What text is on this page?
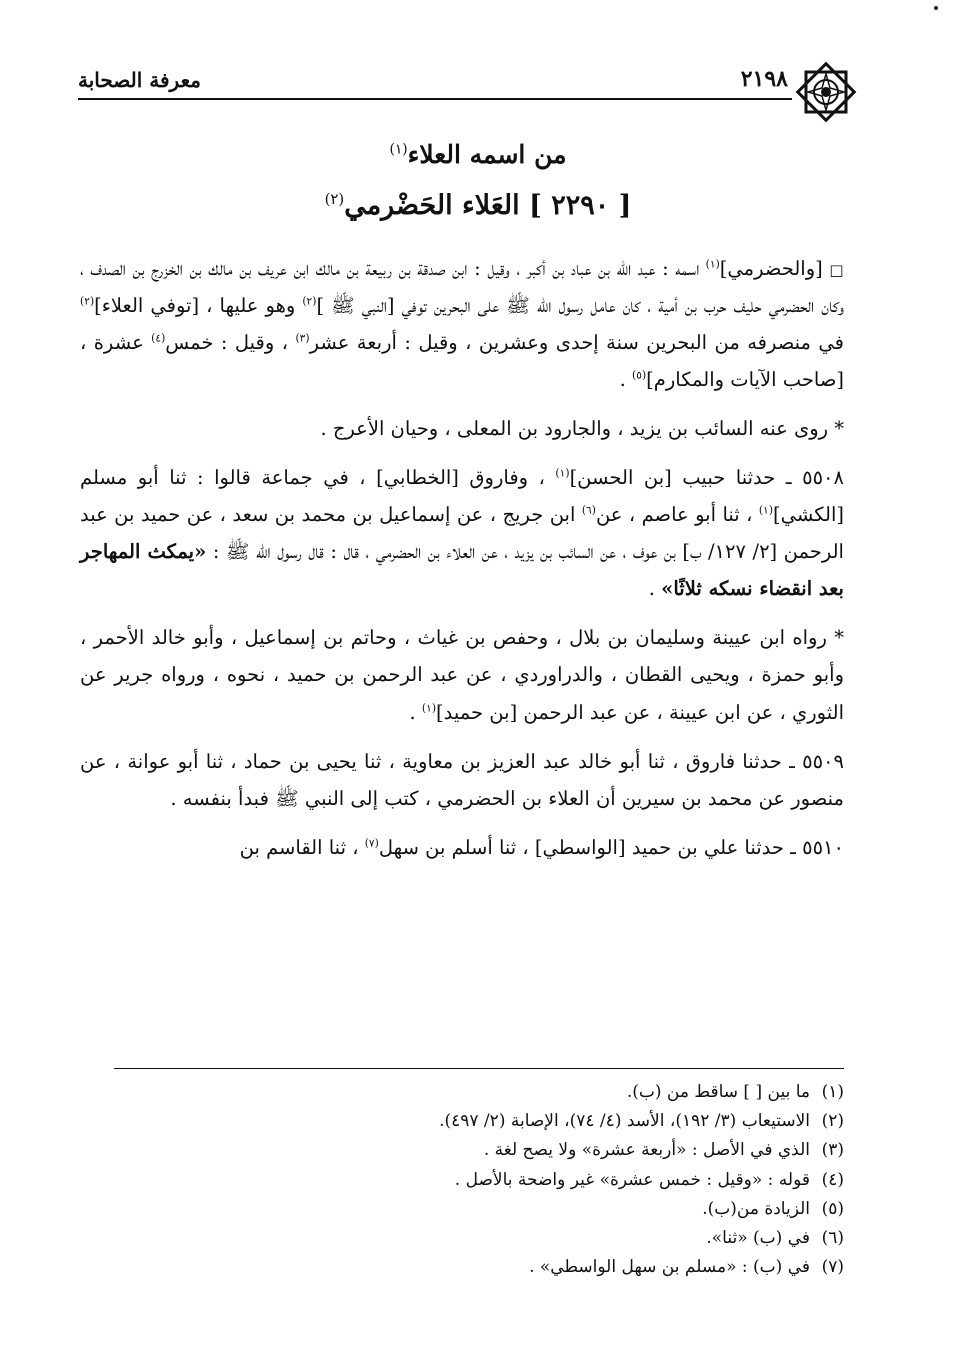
معرفة الصحابة	٢١٩٨
من اسمه العلاء$^{(١)}$
[ ٢٢٩٠ ] العَلاء الحَضْرمي$^{(٢)}$

□ [والحضرمي]$^{(١)}$ اسمه : عبد الله بن عباد بن أكبر ، وقيل : ابن صدقة بن ربيعة بن مالك ابن عريف بن مالك بن الخزرج بن الصدف ، وكان الحضرمي حليف حرب بن أمية ، كان عامل رسول الله ﷺ على البحرين توفي [النبي ﷺ ]$^{(٢)}$ وهو عليها ، [توفي العلاء]$^{(٢)}$ في منصرفه من البحرين سنة إحدى وعشرين ، وقيل : أربعة عشر$^{(٣)}$ ، وقيل : خمس$^{(٤)}$ عشرة ، [صاحب الآيات والمكارم]$^{(٥)}$ .

* روى عنه السائب بن يزيد ، والجارود بن المعلى ، وحيان الأعرج .

٥٥٠٨ ـ حدثنا حبيب [بن الحسن]$^{(١)}$ ، وفاروق [الخطابي] ، في جماعة قالوا : ثنا أبو مسلم [الكشي]$^{(١)}$ ، ثنا أبو عاصم ، عن$^{(٦)}$ ابن جريج ، عن إسماعيل بن محمد بن سعد ، عن حميد بن عبد الرحمن [٢/ ١٢٧/ ب] بن عوف ، عن السائب بن يزيد ، عن العلاء بن الحضرمي ، قال : قال رسول الله ﷺ : «يمكث المهاجر بعد انقضاء نسكه ثلاثًا» .

* رواه ابن عيينة وسليمان بن بلال ، وحفص بن غياث ، وحاتم بن إسماعيل ، وأبو خالد الأحمر ، وأبو حمزة ، ويحيى القطان ، والدراوردي ، عن عبد الرحمن بن حميد ، نحوه ، ورواه جرير عن الثوري ، عن ابن عيينة ، عن عبد الرحمن [بن حميد]$^{(١)}$ .

٥٥٠٩ ـ حدثنا فاروق ، ثنا أبو خالد عبد العزيز بن معاوية ، ثنا يحيى بن حماد ، ثنا أبو عوانة ، عن منصور عن محمد بن سيرين أن العلاء بن الحضرمي ، كتب إلى النبي ﷺ فبدأ بنفسه .

٥٥١٠ ـ حدثنا علي بن حميد [الواسطي] ، ثنا أسلم بن سهل$^{(٧)}$ ، ثنا القاسم بن

(١)ما بين [ ] ساقط من (ب).
(٢)الاستيعاب (٣/ ١٩٢)، الأسد (٤/ ٧٤)، الإصابة (٢/ ٤٩٧).
(٣)الذي في الأصل : «أربعة عشرة» ولا يصح لغة .
(٤)قوله : «وقيل : خمس عشرة» غير واضحة بالأصل .
(٥)الزيادة من(ب).
(٦)في (ب) «ثنا».
(٧)في (ب) : «مسلم بن سهل الواسطي» .
